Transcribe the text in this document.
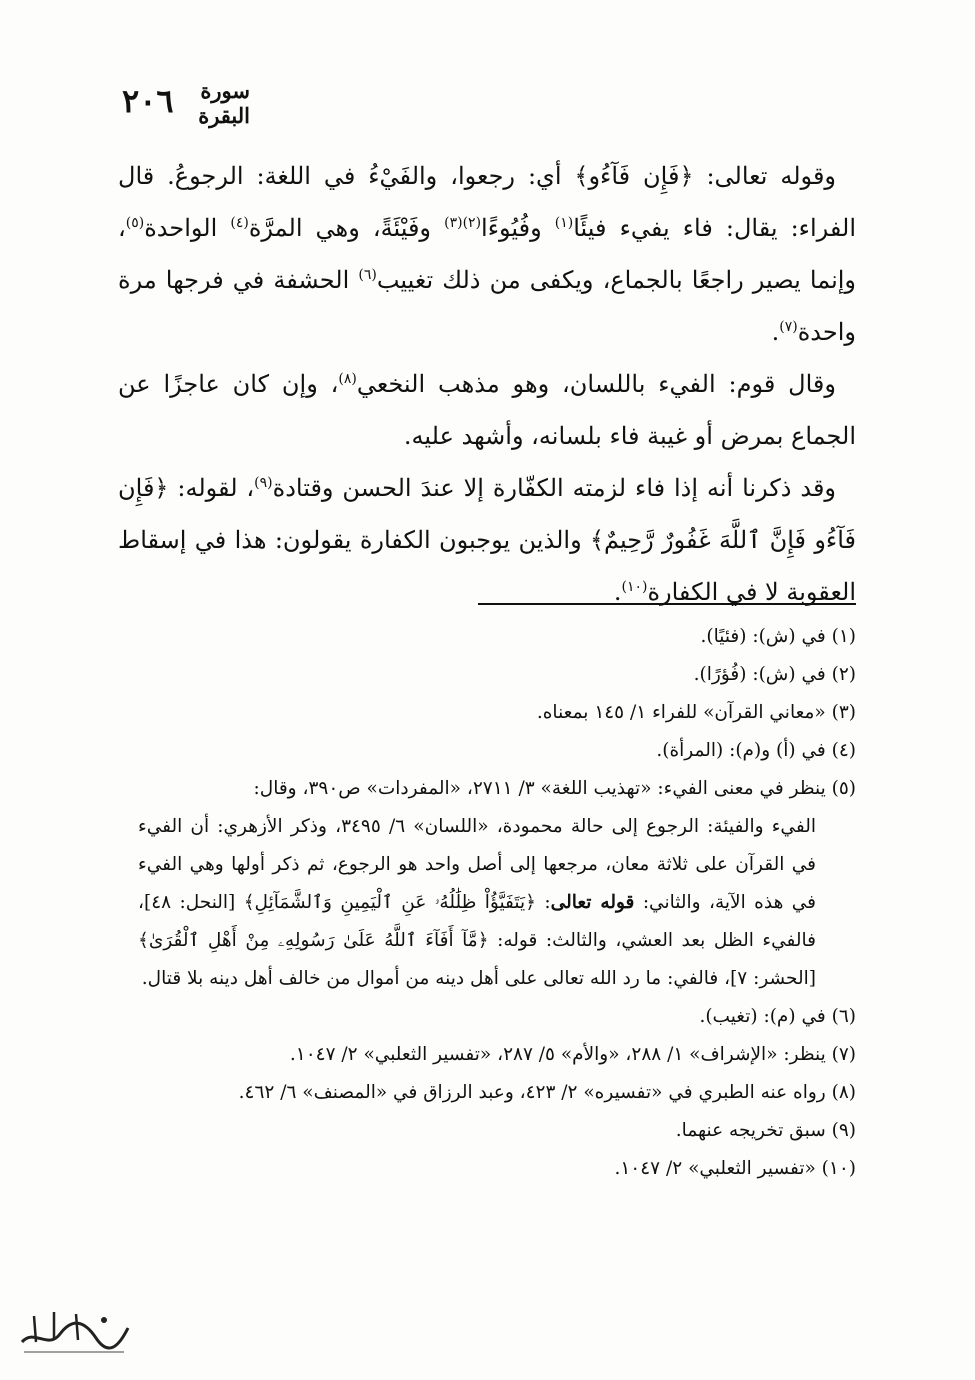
٢٠٦	سورة البقرة

وقوله تعالى: ﴿فَإِن فَآءُو﴾ أي: رجعوا، والفَيْءُ في اللغة: الرجوعُ. قال الفراء: يقال: فاء يفيء فيئًا$^{(١)}$ وفُيُوءًا$^{(٢)(٣)}$ وفَيْئَةً، وهي المرَّة$^{(٤)}$ الواحدة$^{(٥)}$، وإنما يصير راجعًا بالجماع، ويكفى من ذلك تغييب$^{(٦)}$ الحشفة في فرجها مرة واحدة$^{(٧)}$.

وقال قوم: الفيء باللسان، وهو مذهب النخعي$^{(٨)}$، وإن كان عاجزًا عن الجماع بمرض أو غيبة فاء بلسانه، وأشهد عليه.

وقد ذكرنا أنه إذا فاء لزمته الكفّارة إلا عندَ الحسن وقتادة$^{(٩)}$، لقوله: ﴿فَإِن فَآءُو فَإِنَّ ٱللَّهَ غَفُورٌ رَّحِيمٌ﴾ والذين يوجبون الكفارة يقولون: هذا في إسقاط العقوبة لا في الكفارة$^{(١٠)}$.

(١) في (ش): (فئيًا).

(٢) في (ش): (فُؤرًا).

(٣) «معاني القرآن» للفراء ١/ ١٤٥ بمعناه.

(٤) في (أ) و(م): (المرأة).

(٥) ينظر في معنى الفيء: «تهذيب اللغة» ٣/ ٢٧١١، «المفردات» ص٣٩٠، وقال:

الفيء والفيئة: الرجوع إلى حالة محمودة، «اللسان» ٦/ ٣٤٩٥، وذكر الأزهري: أن الفيء في القرآن على ثلاثة معان، مرجعها إلى أصل واحد هو الرجوع، ثم ذكر أولها وهي الفيء في هذه الآية، والثاني: قوله تعالى: ﴿يَتَفَيَّؤُاْ ظِلَٰلُهُۥ عَنِ ٱلْيَمِينِ وَٱلشَّمَآئِلِ﴾ [النحل: ٤٨]، فالفيء الظل بعد العشي، والثالث: قوله: ﴿مَّآ أَفَآءَ ٱللَّهُ عَلَىٰ رَسُولِهِۦ مِنْ أَهْلِ ٱلْقُرَىٰ﴾ [الحشر: ٧]، فالفي: ما رد الله تعالى على أهل دينه من أموال من خالف أهل دينه بلا قتال.

(٦) في (م): (تغيب).

(٧) ينظر: «الإشراف» ١/ ٢٨٨، «والأم» ٥/ ٢٨٧، «تفسير الثعلبي» ٢/ ١٠٤٧.

(٨) رواه عنه الطبري في «تفسيره» ٢/ ٤٢٣، وعبد الرزاق في «المصنف» ٦/ ٤٦٢.

(٩) سبق تخريجه عنهما.

(١٠) «تفسير الثعلبي» ٢/ ١٠٤٧.
